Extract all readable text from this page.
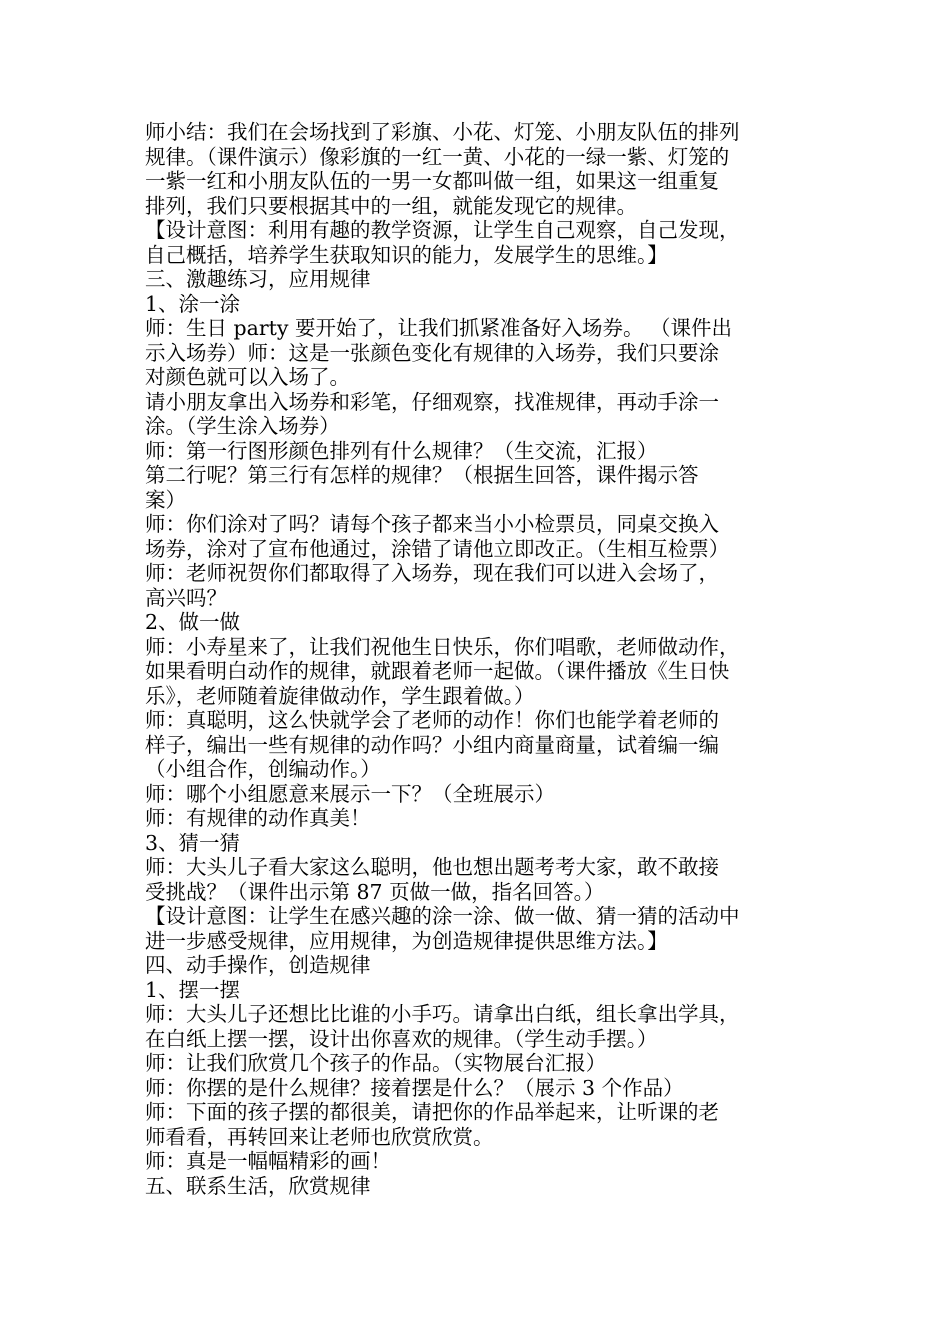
师小结：我们在会场找到了彩旗、小花、灯笼、小朋友队伍的排列
规律。（课件演示）像彩旗的一红一黄、小花的一绿一紫、灯笼的
一紫一红和小朋友队伍的一男一女都叫做一组，如果这一组重复
排列，我们只要根据其中的一组，就能发现它的规律。
【设计意图：利用有趣的教学资源，让学生自己观察，自己发现，
自己概括，培养学生获取知识的能力，发展学生的思维。】
三、激趣练习，应用规律
1、涂一涂
师：生日 party 要开始了，让我们抓紧准备好入场券。 （课件出
示入场券）师：这是一张颜色变化有规律的入场券，我们只要涂
对颜色就可以入场了。
请小朋友拿出入场券和彩笔，仔细观察，找准规律，再动手涂一
涂。（学生涂入场券）
师：第一行图形颜色排列有什么规律？（生交流，汇报）
第二行呢？第三行有怎样的规律？（根据生回答，课件揭示答
案）
师：你们涂对了吗？请每个孩子都来当小小检票员，同桌交换入
场券，涂对了宣布他通过，涂错了请他立即改正。（生相互检票）
师：老师祝贺你们都取得了入场券，现在我们可以进入会场了，
高兴吗？
2、做一做
师：小寿星来了，让我们祝他生日快乐，你们唱歌，老师做动作，
如果看明白动作的规律，就跟着老师一起做。（课件播放《生日快
乐》，老师随着旋律做动作，学生跟着做。）
师：真聪明，这么快就学会了老师的动作！你们也能学着老师的
样子，编出一些有规律的动作吗？小组内商量商量，试着编一编
（小组合作，创编动作。）
师：哪个小组愿意来展示一下？（全班展示）
师：有规律的动作真美！
3、猜一猜
师：大头儿子看大家这么聪明，他也想出题考考大家，敢不敢接
受挑战？（课件出示第 87 页做一做，指名回答。）
【设计意图：让学生在感兴趣的涂一涂、做一做、猜一猜的活动中
进一步感受规律，应用规律，为创造规律提供思维方法。】
四、动手操作，创造规律
1、摆一摆
师：大头儿子还想比比谁的小手巧。请拿出白纸，组长拿出学具，
在白纸上摆一摆，设计出你喜欢的规律。（学生动手摆。）
师：让我们欣赏几个孩子的作品。（实物展台汇报）
师：你摆的是什么规律？接着摆是什么？（展示 3 个作品）
师：下面的孩子摆的都很美，请把你的作品举起来，让听课的老
师看看，再转回来让老师也欣赏欣赏。
师：真是一幅幅精彩的画！
五、联系生活，欣赏规律
